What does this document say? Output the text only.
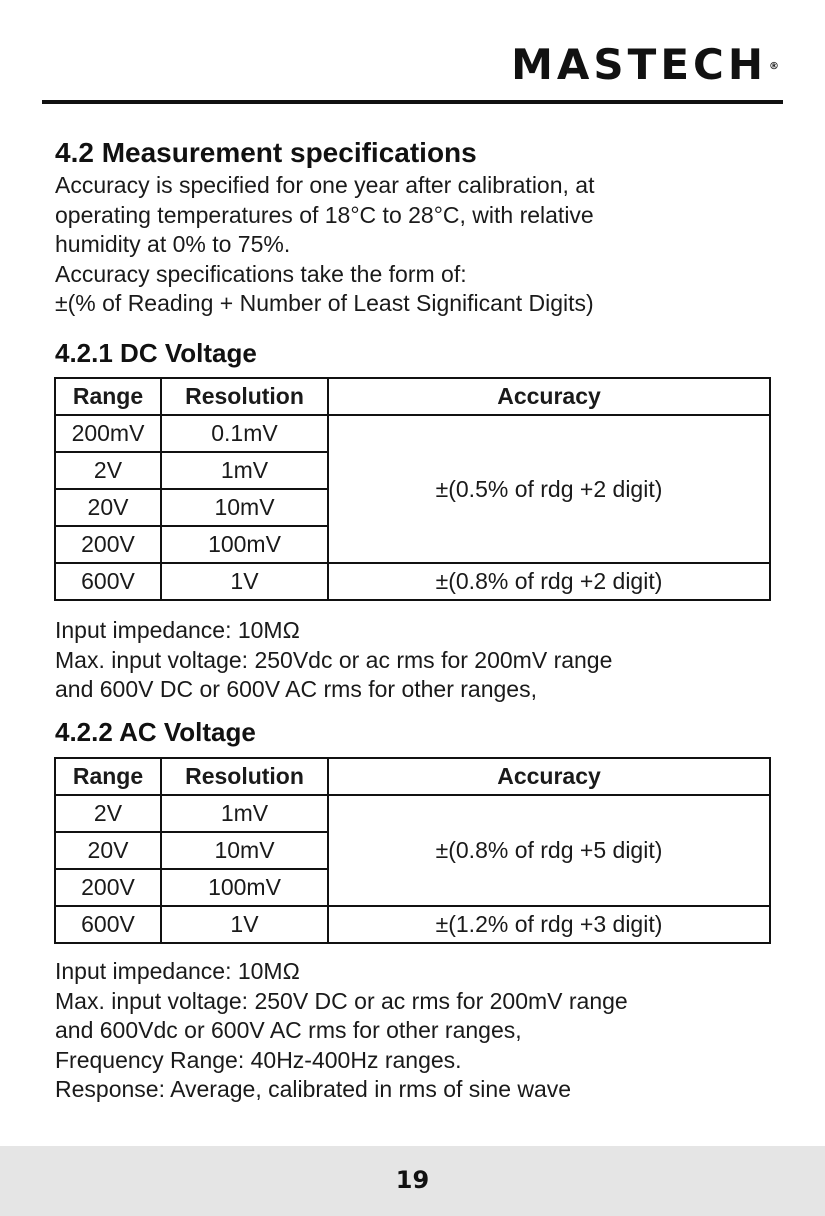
MASTECH ®
4.2 Measurement specifications
Accuracy is specified for one year after calibration, at
operating temperatures of 18°C to 28°C, with relative
humidity at 0% to 75%.
Accuracy specifications take the form of:
±(% of Reading + Number of Least Significant Digits)
4.2.1 DC Voltage
Range	Resolution	Accuracy
200mV	0.1mV	±(0.5% of rdg +2 digit)
2V	1mV	
20V	10mV	
200V	100mV	
600V	1V	±(0.8% of rdg +2 digit)
Input impedance: 10MΩ
Max. input voltage: 250Vdc or ac rms for 200mV range
and 600V DC or 600V AC rms for other ranges,
4.2.2 AC Voltage
Range	Resolution	Accuracy
2V	1mV	±(0.8% of rdg +5 digit)
20V	10mV	
200V	100mV	
600V	1V	±(1.2% of rdg +3 digit)
Input impedance: 10MΩ
Max. input voltage: 250V DC or ac rms for 200mV range
and 600Vdc or 600V AC rms for other ranges,
Frequency Range: 40Hz-400Hz ranges.
Response: Average, calibrated in rms of sine wave
19
